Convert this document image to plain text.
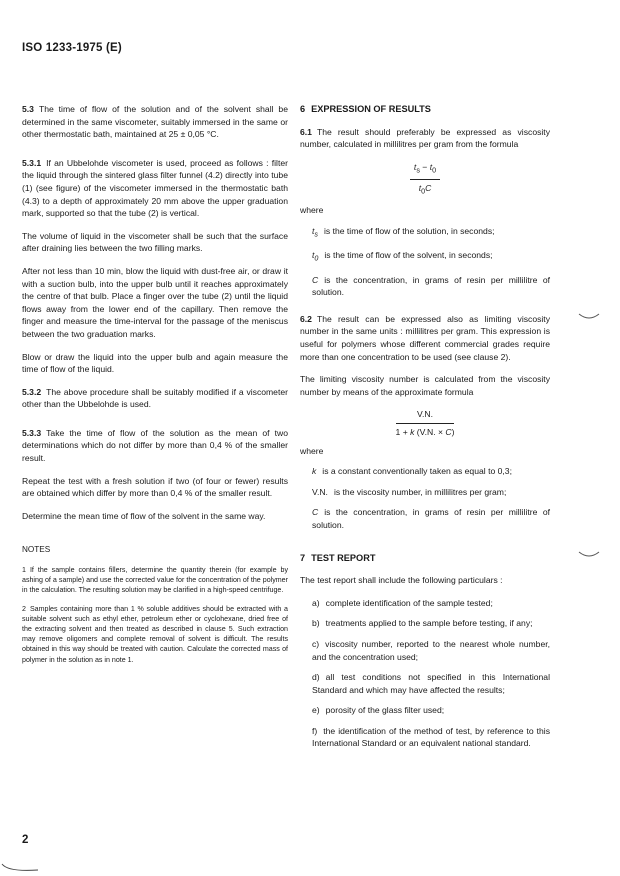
ISO 1233-1975 (E)

5.3 The time of flow of the solution and of the solvent shall be determined in the same viscometer, suitably immersed in the same or other thermostatic bath, maintained at 25 ± 0,05 °C.

5.3.1 If an Ubbelohde viscometer is used, proceed as follows : filter the liquid through the sintered glass filter funnel (4.2) directly into tube (1) (see figure) of the viscometer immersed in the thermostatic bath (4.3) to a depth of approximately 20 mm above the upper graduation mark, supported so that the tube (2) is vertical.

The volume of liquid in the viscometer shall be such that the surface after draining lies between the two filling marks.

After not less than 10 min, blow the liquid with dust-free air, or draw it with a suction bulb, into the upper bulb until it reaches approximately the centre of that bulb. Place a finger over the tube (2) until the liquid flows away from the lower end of the capillary. Then remove the finger and measure the time-interval for the passage of the meniscus between the two graduation marks.

Blow or draw the liquid into the upper bulb and again measure the time of flow of the liquid.

5.3.2 The above procedure shall be suitably modified if a viscometer other than the Ubbelohde is used.

5.3.3 Take the time of flow of the solution as the mean of two determinations which do not differ by more than 0,4 % of the smaller result.

Repeat the test with a fresh solution if two (of four or fewer) results are obtained which differ by more than 0,4 % of the smaller result.

Determine the mean time of flow of the solvent in the same way.

NOTES
1 If the sample contains fillers, determine the quantity therein (for example by ashing of a sample) and use the corrected value for the concentration of the polymer in the calculation. The resulting solution may be clarified in a high-speed centrifuge.
2 Samples containing more than 1 % soluble additives should be extracted with a suitable solvent such as ethyl ether, petroleum ether or cyclohexane, dried free of the extracting solvent and then treated as described in clause 5. Such extraction may remove oligomers and complete removal of solvent is difficult. The results obtained in this way should be treated with caution. Calculate the corrected mass of polymer in the solution as in note 1.
6 EXPRESSION OF RESULTS

6.1 The result should preferably be expressed as viscosity number, calculated in millilitres per gram from the formula

$\frac{t_s - t_0}{t_0C}$
where
$t_s$ is the time of flow of the solution, in seconds;
$t_0$ is the time of flow of the solvent, in seconds;
C is the concentration, in grams of resin per millilitre of solution.

6.2 The result can be expressed also as limiting viscosity number in the same units : millilitres per gram. This expression is useful for polymers whose different commercial grades require more than one concentration to be used (see clause 2).

The limiting viscosity number is calculated from the viscosity number by means of the approximate formula

$\frac{V.N.}{1 + k (V.N. \times C)}$
where
k is a constant conventionally taken as equal to 0,3;
V.N. is the viscosity number, in millilitres per gram;
C is the concentration, in grams of resin per millilitre of solution.
7 TEST REPORT

The test report shall include the following particulars :

a) complete identification of the sample tested;
b) treatments applied to the sample before testing, if any;
c) viscosity number, reported to the nearest whole number, and the concentration used;
d) all test conditions not specified in this International Standard and which may have affected the results;
e) porosity of the glass filter used;
f) the identification of the method of test, by reference to this International Standard or an equivalent national standard.
2
